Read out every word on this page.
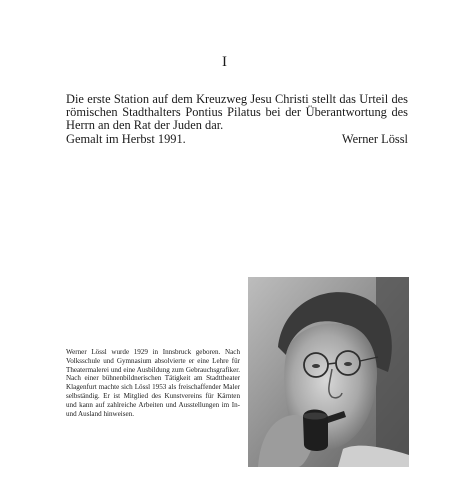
I

Die erste Station auf dem Kreuzweg Jesu Christi stellt das Urteil des römischen Stadthalters Pontius Pilatus bei der Überantwortung des Herrn an den Rat der Juden dar.

Gemalt im Herbst 1991.	Werner Lössl
Werner Lössl wurde 1929 in Innsbruck geboren. Nach Volksschule und Gymnasium absolvierte er eine Lehre für Theatermalerei und eine Ausbildung zum Gebrauchsgrafiker. Nach einer bühnenbildnerischen Tätigkeit am Stadttheater Klagenfurt machte sich Lössl 1953 als freischaffender Maler selbständig. Er ist Mitglied des Kunstvereins für Kärnten und kann auf zahlreiche Arbeiten und Ausstellungen im In- und Ausland hinweisen.
